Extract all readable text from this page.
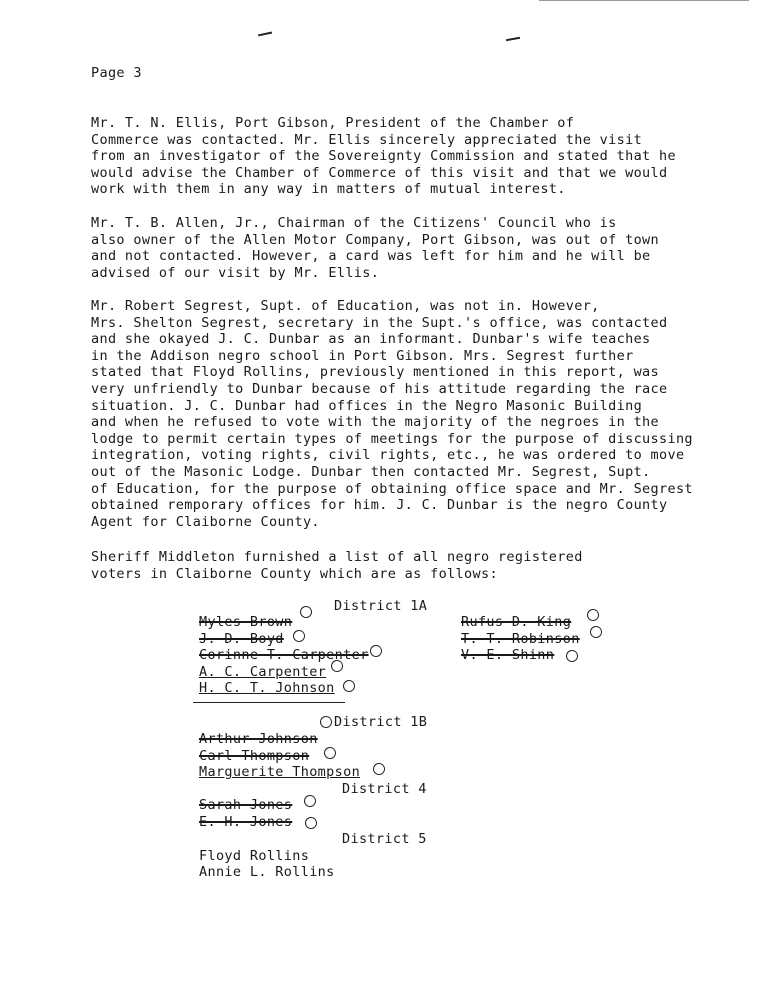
Page 3
Mr. T. N. Ellis, Port Gibson, President of the Chamber of
Commerce was contacted. Mr. Ellis sincerely appreciated the visit
from an investigator of the Sovereignty Commission and stated that he
would advise the Chamber of Commerce of this visit and that we would
work with them in any way in matters of mutual interest.
Mr. T. B. Allen, Jr., Chairman of the Citizens' Council who is
also owner of the Allen Motor Company, Port Gibson, was out of town
and not contacted. However, a card was left for him and he will be
advised of our visit by Mr. Ellis.
Mr. Robert Segrest, Supt. of Education, was not in. However,
Mrs. Shelton Segrest, secretary in the Supt.'s office, was contacted
and she okayed J. C. Dunbar as an informant. Dunbar's wife teaches
in the Addison negro school in Port Gibson. Mrs. Segrest further
stated that Floyd Rollins, previously mentioned in this report, was
very unfriendly to Dunbar because of his attitude regarding the race
situation. J. C. Dunbar had offices in the Negro Masonic Building
and when he refused to vote with the majority of the negroes in the
lodge to permit certain types of meetings for the purpose of discussing
integration, voting rights, civil rights, etc., he was ordered to move
out of the Masonic Lodge. Dunbar then contacted Mr. Segrest, Supt.
of Education, for the purpose of obtaining office space and Mr. Segrest
obtained remporary offices for him. J. C. Dunbar is the negro County
Agent for Claiborne County.
Sheriff Middleton furnished a list of all negro registered
voters in Claiborne County which are as follows:
District 1A
Myles Brown
J. D. Boyd
Corinne T. Carpenter
A. C. Carpenter
H. C. T. Johnson
Rufus D. King
T. T. Robinson
V. E. Shinn
District 1B
Arthur Johnson
Carl Thompson
Marguerite Thompson
District 4
Sarah Jones
E. H. Jones
District 5
Floyd Rollins
Annie L. Rollins
